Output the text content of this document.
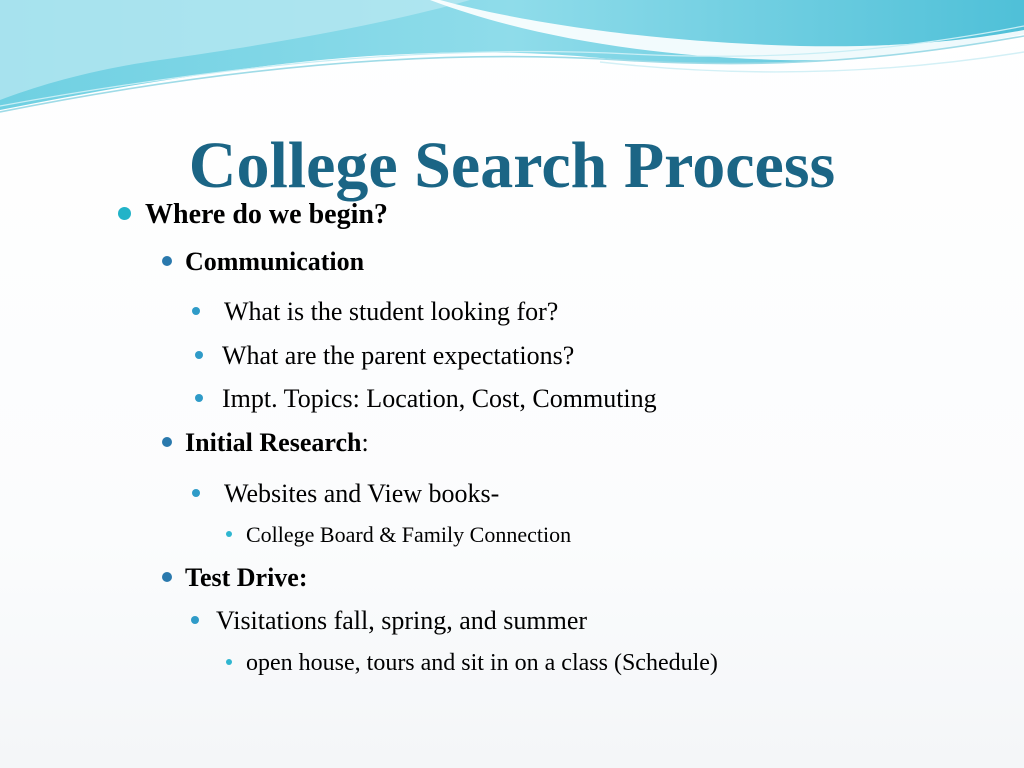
College Search Process
Where do we begin?
Communication
What is the student looking for?
What are the parent expectations?
Impt. Topics: Location, Cost, Commuting
Initial Research:
Websites and View books-
College Board & Family Connection
Test Drive:
Visitations fall, spring, and summer
open house, tours and sit in on a class (Schedule)
